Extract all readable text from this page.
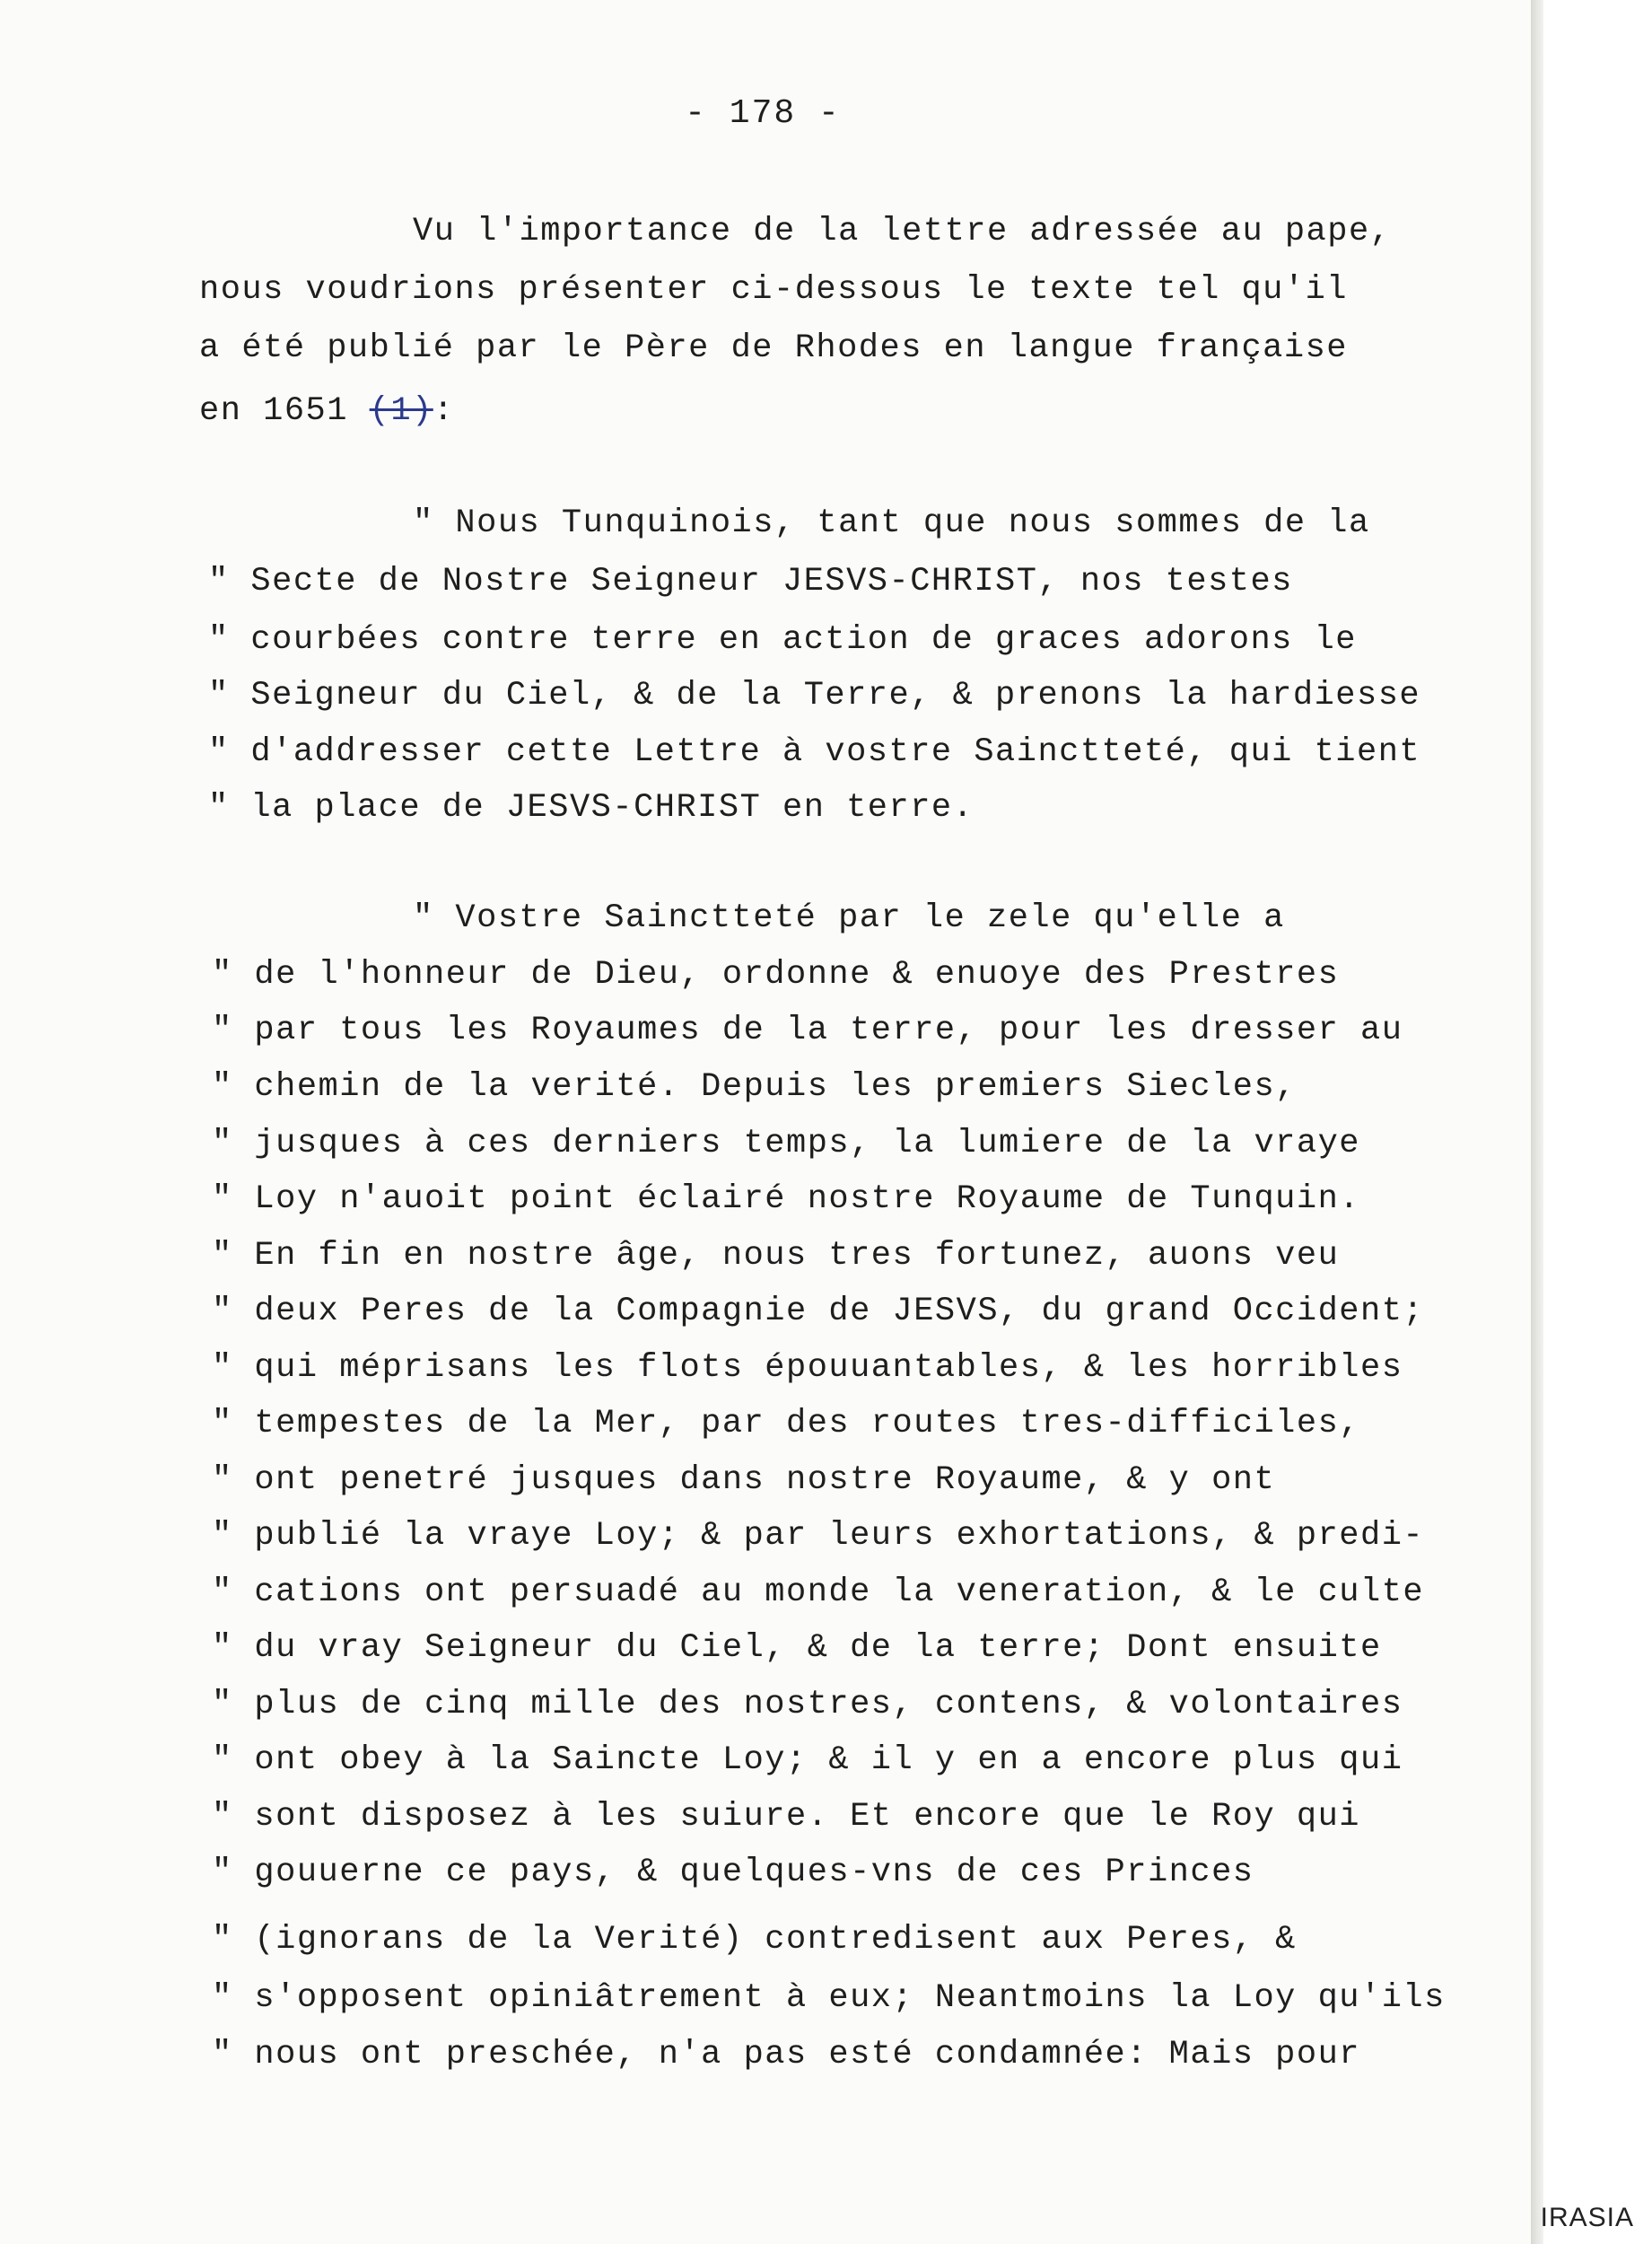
- 178 -
Vu l'importance de la lettre adressée au pape,
nous voudrions présenter ci-dessous le texte tel qu'il
a été publié par le Père de Rhodes en langue française
en 1651 (1):
" Nous Tunquinois, tant que nous sommes de la
" Secte de Nostre Seigneur JESVS-CHRIST, nos testes
" courbées contre terre en action de graces adorons le
" Seigneur du Ciel, & de la Terre, & prenons la hardiesse
" d'addresser cette Lettre à vostre Sainctteté, qui tient
" la place de JESVS-CHRIST en terre.
" Vostre Sainctteté par le zele qu'elle a
" de l'honneur de Dieu, ordonne & enuoye des Prestres
" par tous les Royaumes de la terre, pour les dresser au
" chemin de la verité. Depuis les premiers Siecles,
" jusques à ces derniers temps, la lumiere de la vraye
" Loy n'auoit point éclairé nostre Royaume de Tunquin.
" En fin en nostre âge, nous tres fortunez, auons veu
" deux Peres de la Compagnie de JESVS, du grand Occident;
" qui méprisans les flots épouuantables, & les horribles
" tempestes de la Mer, par des routes tres-difficiles,
" ont penetré jusques dans nostre Royaume, & y ont
" publié la vraye Loy; & par leurs exhortations, & predi-
" cations ont persuadé au monde la veneration, & le culte
" du vray Seigneur du Ciel, & de la terre; Dont ensuite
" plus de cinq mille des nostres, contens, & volontaires
" ont obey à la Saincte Loy; & il y en a encore plus qui
" sont disposez à les suiure. Et encore que le Roy qui
" gouuerne ce pays, & quelques-vns de ces Princes
" (ignorans de la Verité) contredisent aux Peres, &
" s'opposent opiniâtrement à eux; Neantmoins la Loy qu'ils
" nous ont preschée, n'a pas esté condamnée: Mais pour
IRASIA
